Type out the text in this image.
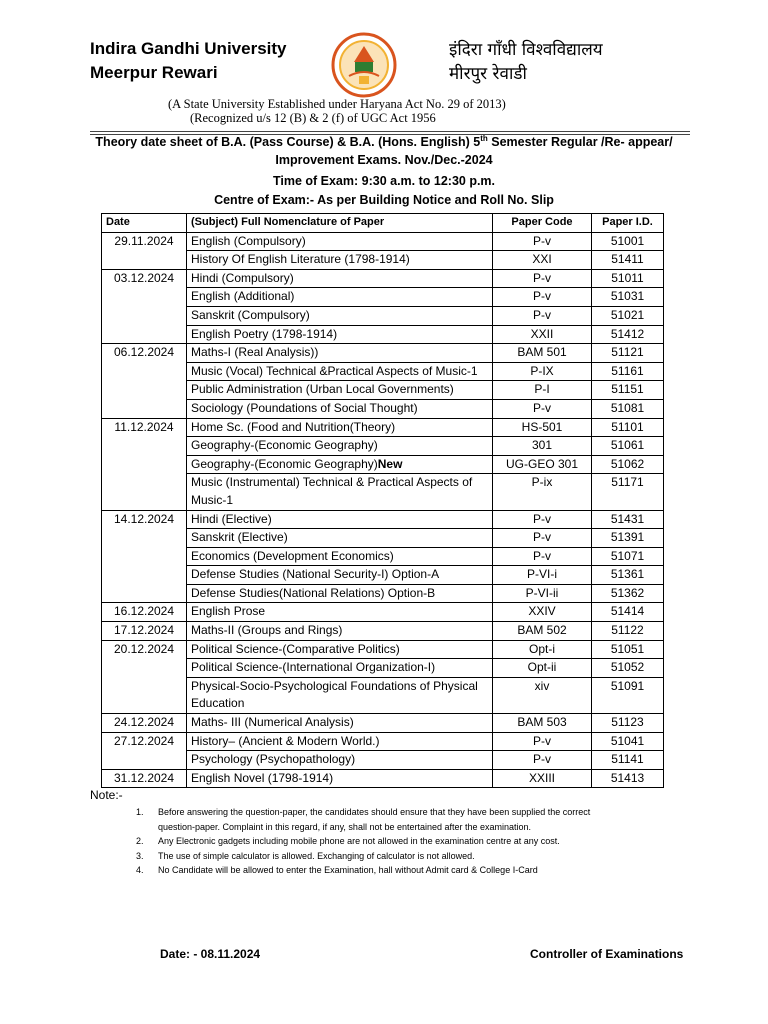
Indira Gandhi University
Meerpur Rewari
इंदिरा गाँधी विश्वविद्यालय
मीरपुर रेवाडी
(A State University Established under Haryana Act No. 29 of 2013)
(Recognized u/s 12 (B) & 2 (f) of UGC Act 1956
Theory date sheet of B.A. (Pass Course) & B.A. (Hons. English) 5th Semester Regular /Re- appear/
Improvement Exams. Nov./Dec.-2024
Time of Exam: 9:30 a.m. to 12:30 p.m.
Centre of Exam:- As per Building Notice and Roll No. Slip
Date	(Subject) Full Nomenclature of Paper	Paper Code	Paper I.D.
29.11.2024	English (Compulsory)	P-v	51001
	History Of English Literature (1798-1914)	XXI	51411
03.12.2024	Hindi (Compulsory)	P-v	51011
	English (Additional)	P-v	51031
	Sanskrit (Compulsory)	P-v	51021
	English Poetry (1798-1914)	XXII	51412
06.12.2024	Maths-I (Real Analysis))	BAM 501	51121
	Music (Vocal) Technical &Practical Aspects of Music-1	P-IX	51161
	Public Administration (Urban Local Governments)	P-I	51151
	Sociology (Poundations of Social Thought)	P-v	51081
11.12.2024	Home Sc. (Food and Nutrition(Theory)	HS-501	51101
	Geography-(Economic Geography)	301	51061
	Geography-(Economic Geography)New	UG-GEO 301	51062
	Music (Instrumental) Technical & Practical Aspects of Music-1	P-ix	51171
14.12.2024	Hindi (Elective)	P-v	51431
	Sanskrit (Elective)	P-v	51391
	Economics (Development Economics)	P-v	51071
	Defense Studies (National Security-I) Option-A	P-VI-i	51361
	Defense Studies(National Relations) Option-B	P-VI-ii	51362
16.12.2024	English Prose	XXIV	51414
17.12.2024	Maths-II (Groups and Rings)	BAM 502	51122
20.12.2024	Political Science-(Comparative Politics)	Opt-i	51051
	Political Science-(International Organization-I)	Opt-ii	51052
	Physical-Socio-Psychological Foundations of Physical Education	xiv	51091
24.12.2024	Maths- III (Numerical Analysis)	BAM 503	51123
27.12.2024	History– (Ancient & Modern World.)	P-v	51041
	Psychology (Psychopathology)	P-v	51141
31.12.2024	English Novel (1798-1914)	XXIII	51413
Note:-
1.	Before answering the question-paper, the candidates should ensure that they have been supplied the correct
question-paper. Complaint in this regard, if any, shall not be entertained after the examination.
2.	Any Electronic gadgets including mobile phone are not allowed in the examination centre at any cost.
3.	The use of simple calculator is allowed. Exchanging of calculator is not allowed.
4.	No Candidate will be allowed to enter the Examination, hall without Admit card & College I-Card
Date: - 08.11.2024	Controller of Examinations
